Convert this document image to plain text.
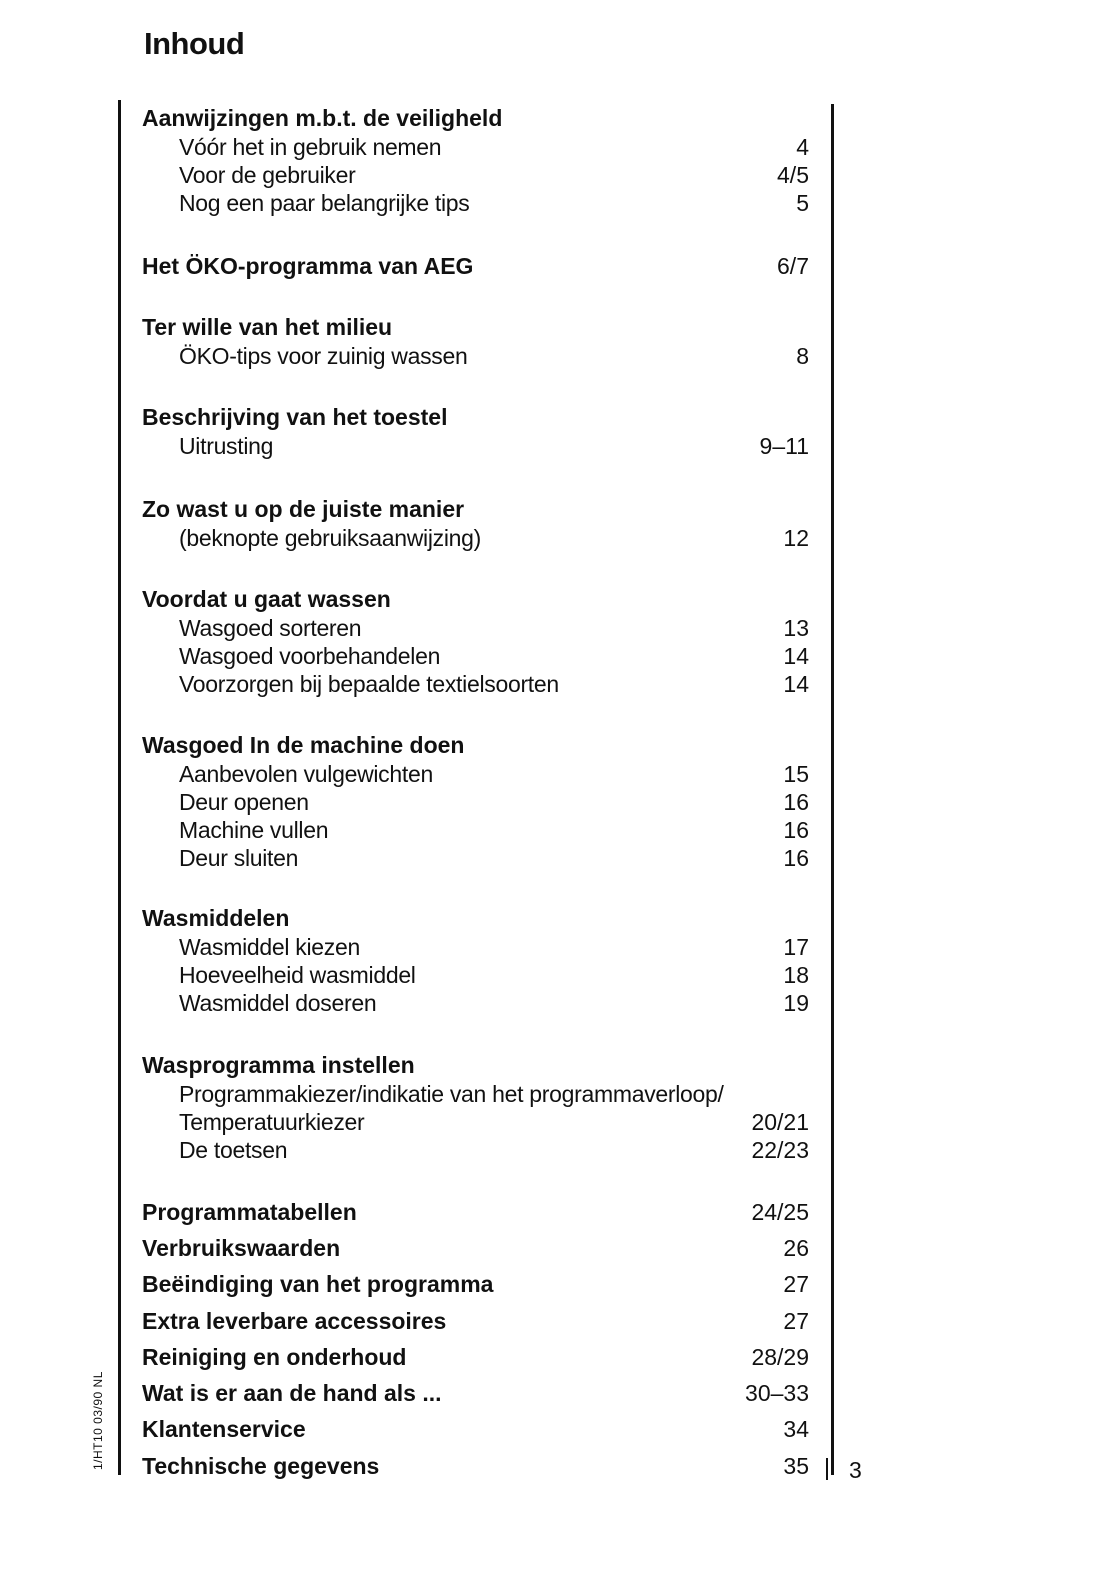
Inhoud
Aanwijzingen m.b.t. de veiligheld
Vóór het in gebruik nemen	4
Voor de gebruiker	4/5
Nog een paar belangrijke tips	5
Het ÖKO-programma van AEG	6/7
Ter wille van het milieu
ÖKO-tips voor zuinig wassen	8
Beschrijving van het toestel
Uitrusting	9–11
Zo wast u op de juiste manier
(beknopte gebruiksaanwijzing)	12
Voordat u gaat wassen
Wasgoed sorteren	13
Wasgoed voorbehandelen	14
Voorzorgen bij bepaalde textielsoorten	14
Wasgoed In de machine doen
Aanbevolen vulgewichten	15
Deur openen	16
Machine vullen	16
Deur sluiten	16
Wasmiddelen
Wasmiddel kiezen	17
Hoeveelheid wasmiddel	18
Wasmiddel doseren	19
Wasprogramma instellen
Programmakiezer/indikatie van het programmaverloop/
Temperatuurkiezer	20/21
De toetsen	22/23
Programmatabellen	24/25
Verbruikswaarden	26
Beëindiging van het programma	27
Extra leverbare accessoires	27
Reiniging en onderhoud	28/29
Wat is er aan de hand als ...	30–33
Klantenservice	34
Technische gegevens	35 3
1/HT10 03/90 NL
